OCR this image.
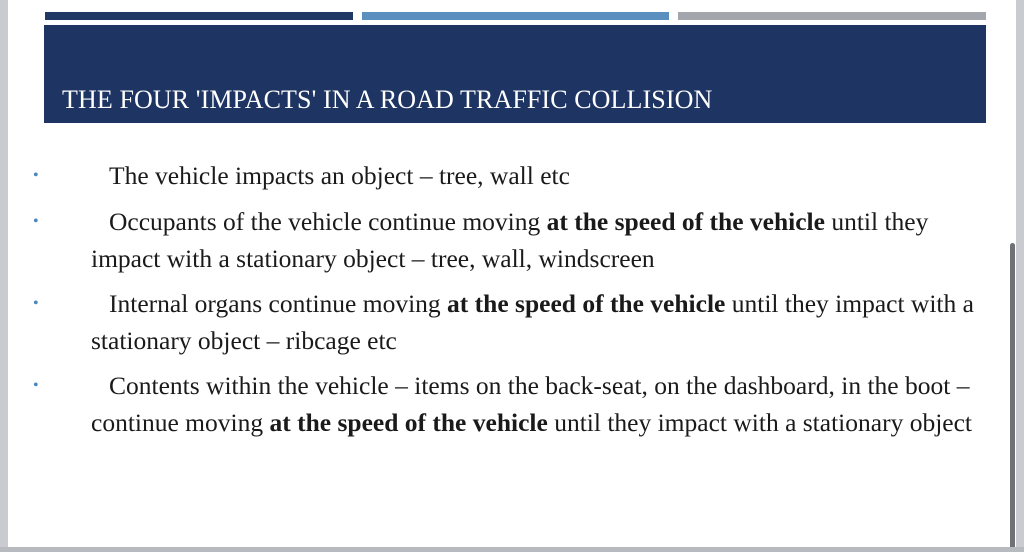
THE FOUR 'IMPACTS' IN A ROAD TRAFFIC COLLISION
•	The vehicle impacts an object – tree, wall etc
•	Occupants of the vehicle continue moving at the speed of the vehicle until they impact with a stationary object – tree, wall, windscreen
•	Internal organs continue moving at the speed of the vehicle until they impact with a stationary object – ribcage etc
•	Contents within the vehicle – items on the back-seat, on the dashboard, in the boot – continue moving at the speed of the vehicle until they impact with a stationary object
